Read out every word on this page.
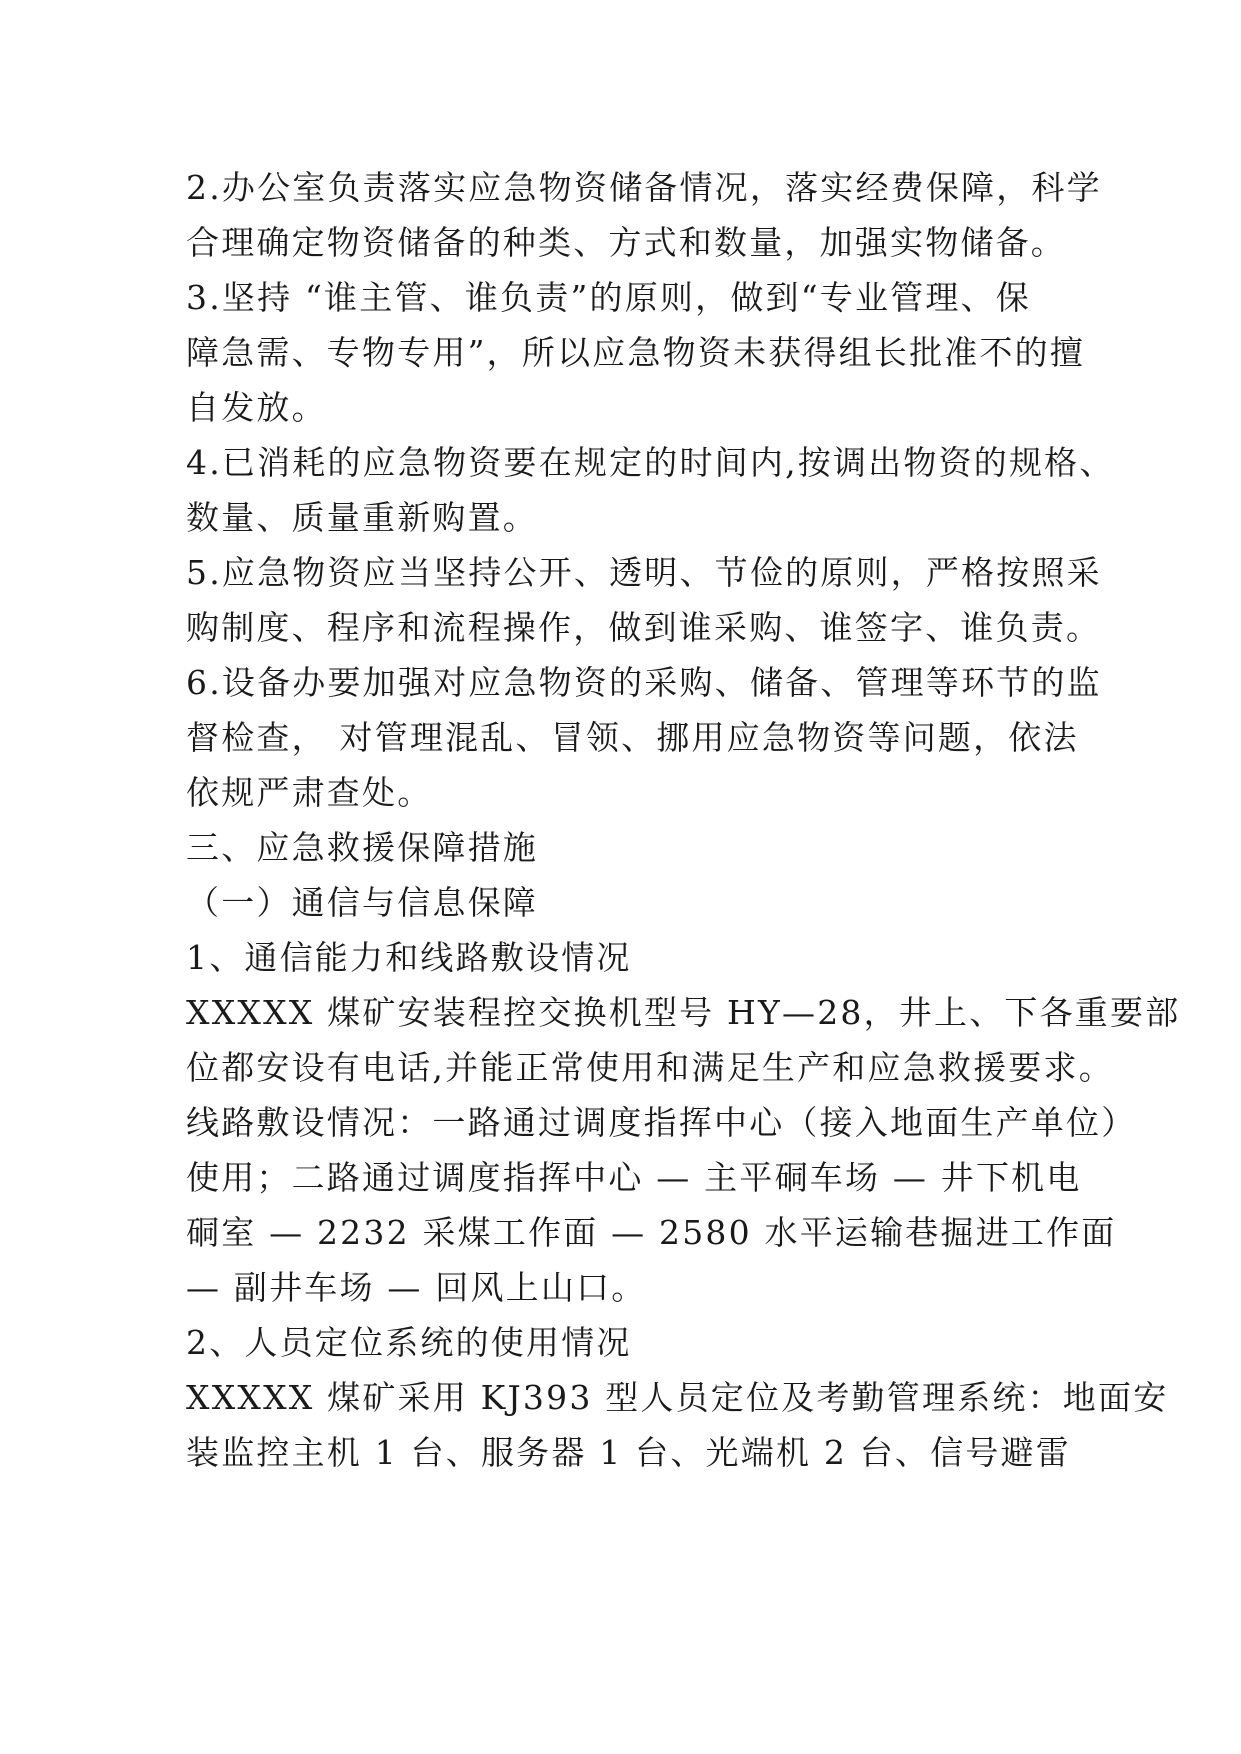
2.办公室负责落实应急物资储备情况，落实经费保障，科学
合理确定物资储备的种类、方式和数量，加强实物储备。
3.坚持 “谁主管、谁负责”的原则，做到“专业管理、保
障急需、专物专用”，所以应急物资未获得组长批准不的擅
自发放。
4.已消耗的应急物资要在规定的时间内,按调出物资的规格、
数量、质量重新购置。
5.应急物资应当坚持公开、透明、节俭的原则，严格按照采
购制度、程序和流程操作，做到谁采购、谁签字、谁负责。
6.设备办要加强对应急物资的采购、储备、管理等环节的监
督检查， 对管理混乱、冒领、挪用应急物资等问题，依法
依规严肃查处。
三、应急救援保障措施
（一）通信与信息保障
1、通信能力和线路敷设情况
XXXXX 煤矿安装程控交换机型号 HY—28，井上、下各重要部
位都安设有电话,并能正常使用和满足生产和应急救援要求。
线路敷设情况：一路通过调度指挥中心（接入地面生产单位）
使用；二路通过调度指挥中心 — 主平硐车场 — 井下机电
硐室 — 2232 采煤工作面 — 2580 水平运输巷掘进工作面
— 副井车场 — 回风上山口。
2、人员定位系统的使用情况
XXXXX 煤矿采用 KJ393 型人员定位及考勤管理系统：地面安
装监控主机 1 台、服务器 1 台、光端机 2 台、信号避雷
